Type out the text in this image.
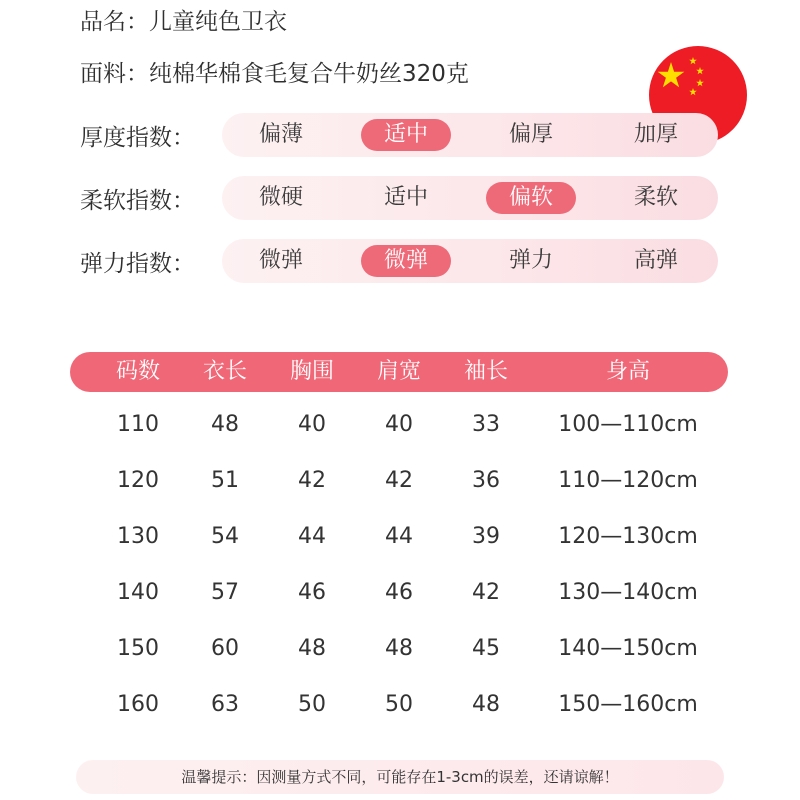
品名：儿童纯色卫衣
面料：纯棉华棉食毛复合牛奶丝320克
厚度指数：	偏薄	适中	偏厚	加厚
柔软指数：	微硬	适中	偏软	柔软
弹力指数：	微弹	微弹	弹力	高弹
码数	衣长	胸围	肩宽	袖长	身高
110	48	40	40	33	100—110cm
120	51	42	42	36	110—120cm
130	54	44	44	39	120—130cm
140	57	46	46	42	130—140cm
150	60	48	48	45	140—150cm
160	63	50	50	48	150—160cm
温馨提示：因测量方式不同，可能存在1-3cm的误差，还请谅解！
